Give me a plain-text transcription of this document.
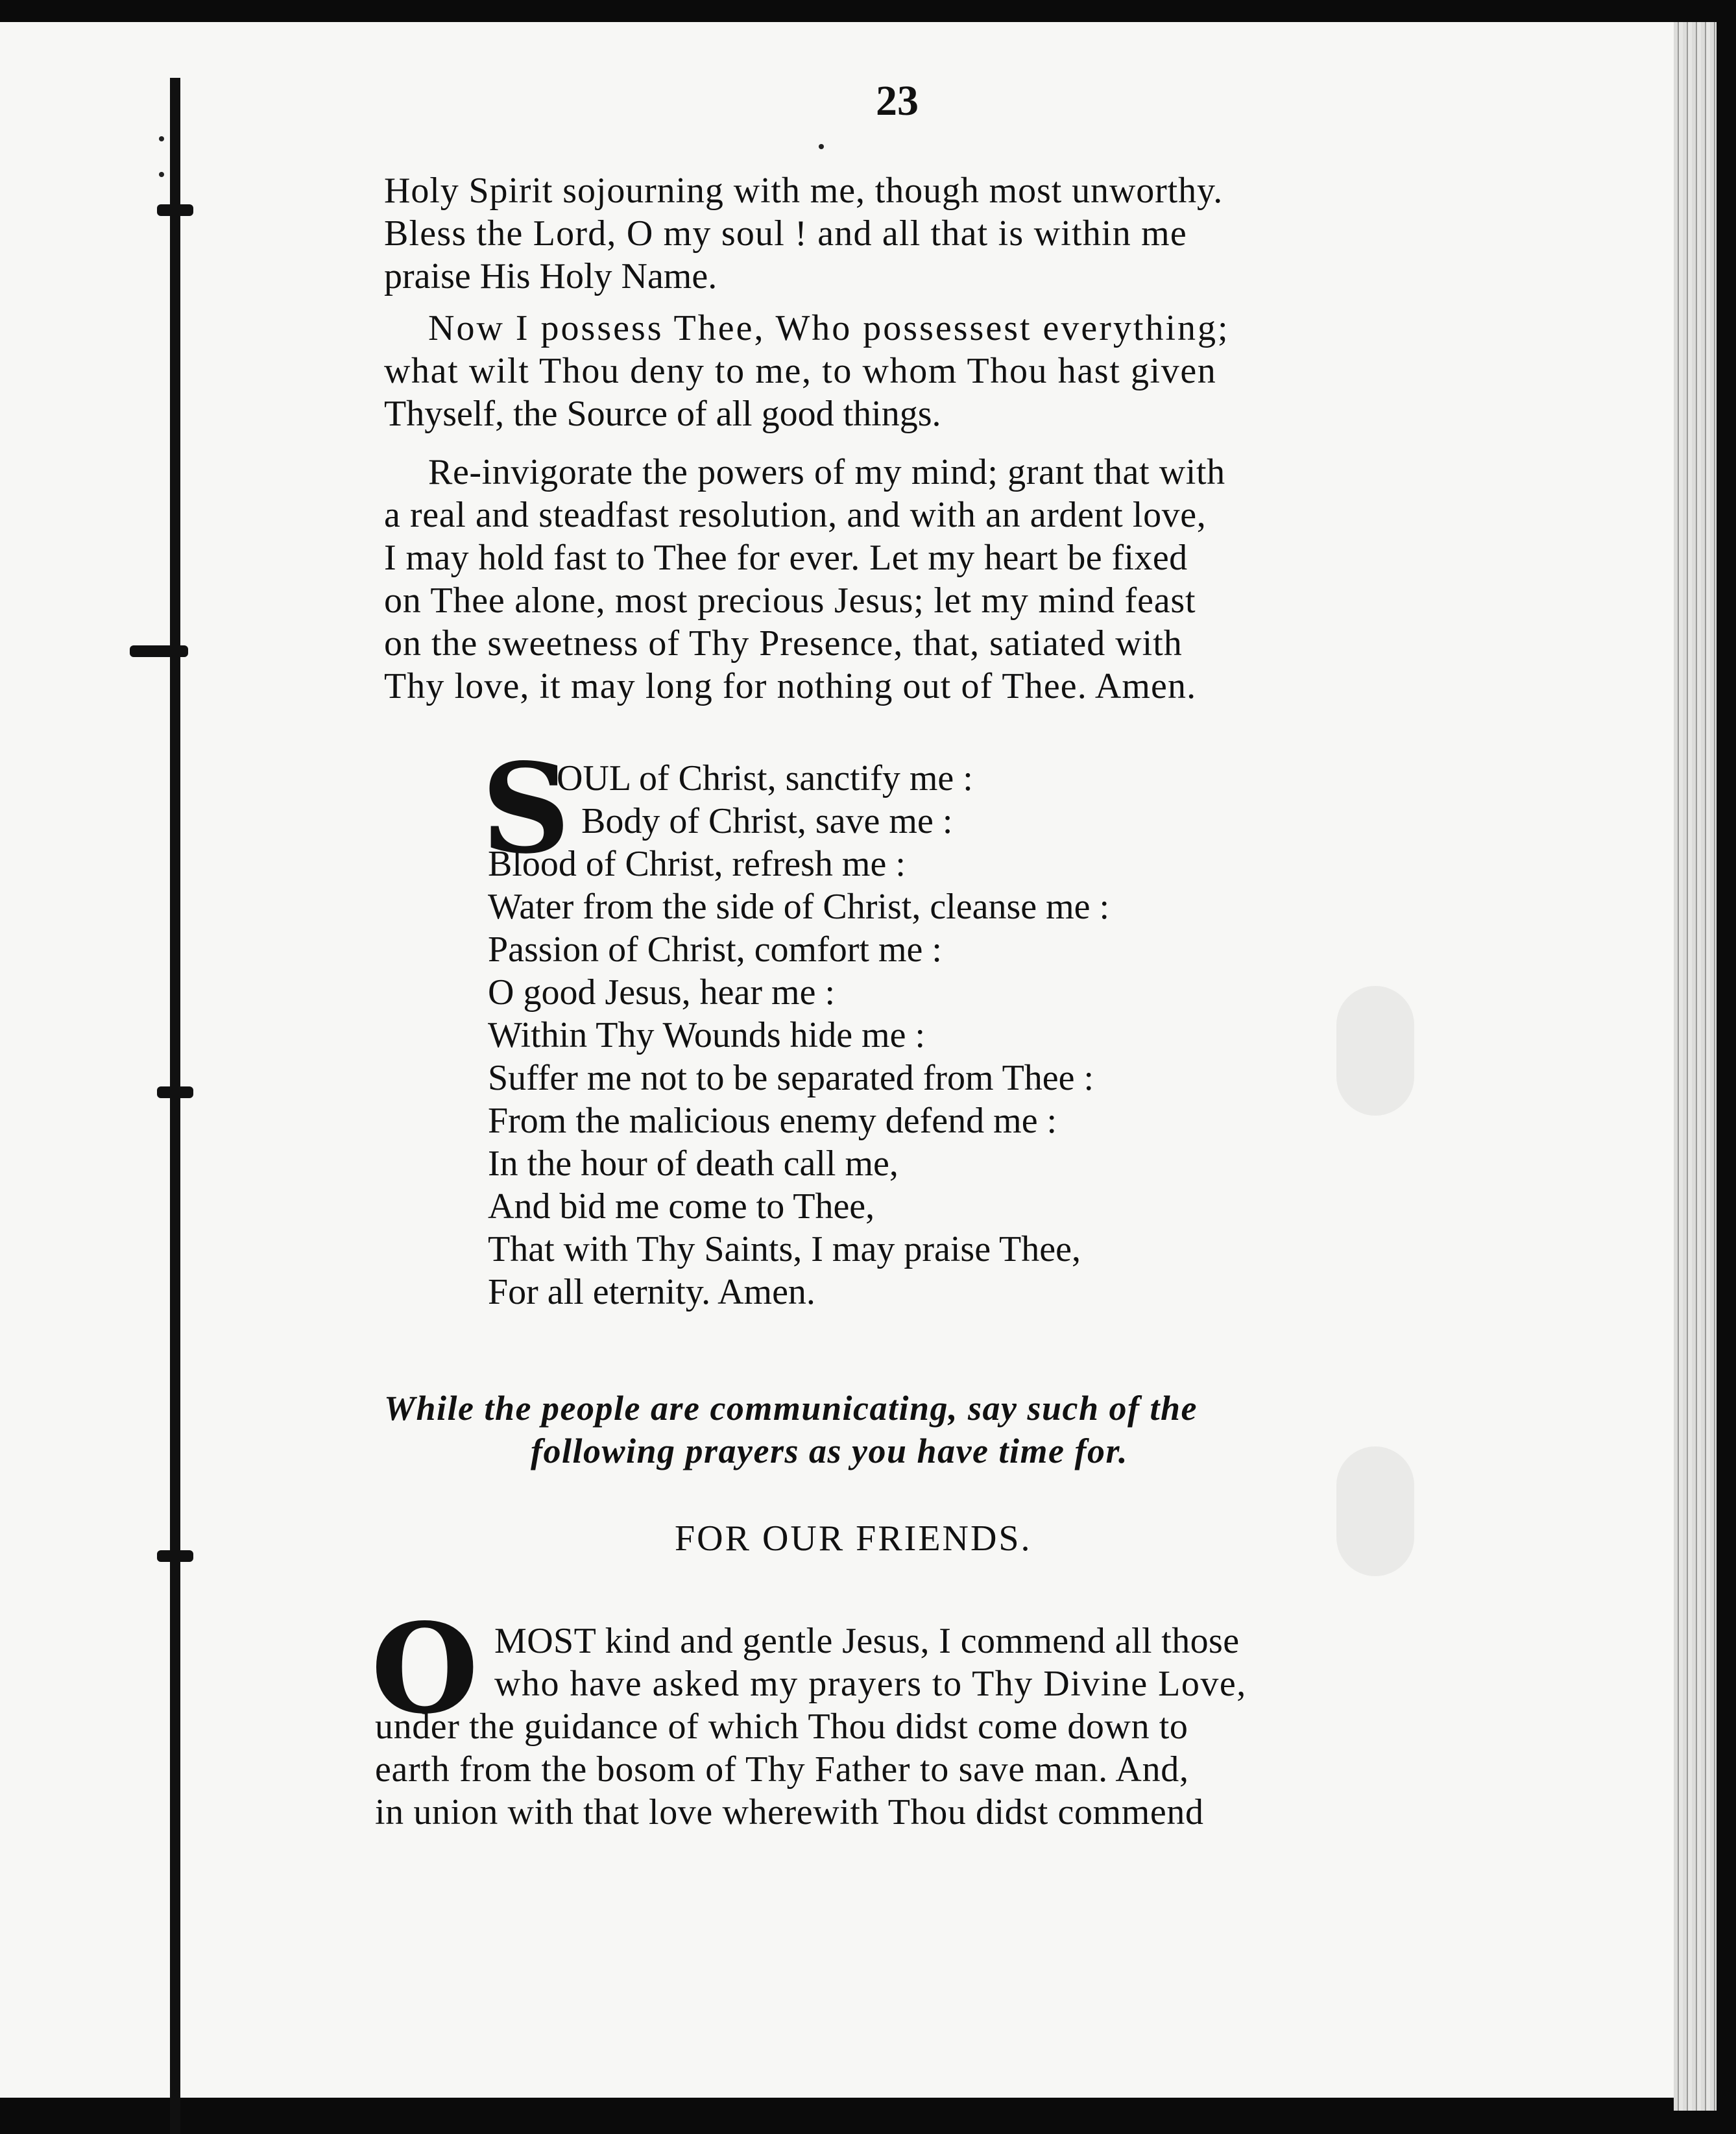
23
Holy Spirit sojourning with me, though most unworthy.
Bless the Lord, O my soul ! and all that is within me
praise His Holy Name.
Now I possess Thee, Who possessest everything;
what wilt Thou deny to me, to whom Thou hast given
Thyself, the Source of all good things.
Re-invigorate the powers of my mind; grant that with
a real and steadfast resolution, and with an ardent love,
I may hold fast to Thee for ever. Let my heart be fixed
on Thee alone, most precious Jesus; let my mind feast
on the sweetness of Thy Presence, that, satiated with
Thy love, it may long for nothing out of Thee. Amen.
S
OUL of Christ, sanctify me :
Body of Christ, save me :
Blood of Christ, refresh me :
Water from the side of Christ, cleanse me :
Passion of Christ, comfort me :
O good Jesus, hear me :
Within Thy Wounds hide me :
Suffer me not to be separated from Thee :
From the malicious enemy defend me :
In the hour of death call me,
And bid me come to Thee,
That with Thy Saints, I may praise Thee,
For all eternity. Amen.
While the people are communicating, say such of the
following prayers as you have time for.
FOR OUR FRIENDS.
O MOST kind and gentle Jesus, I commend all those
who have asked my prayers to Thy Divine Love,
under the guidance of which Thou didst come down to
earth from the bosom of Thy Father to save man. And,
in union with that love wherewith Thou didst commend
